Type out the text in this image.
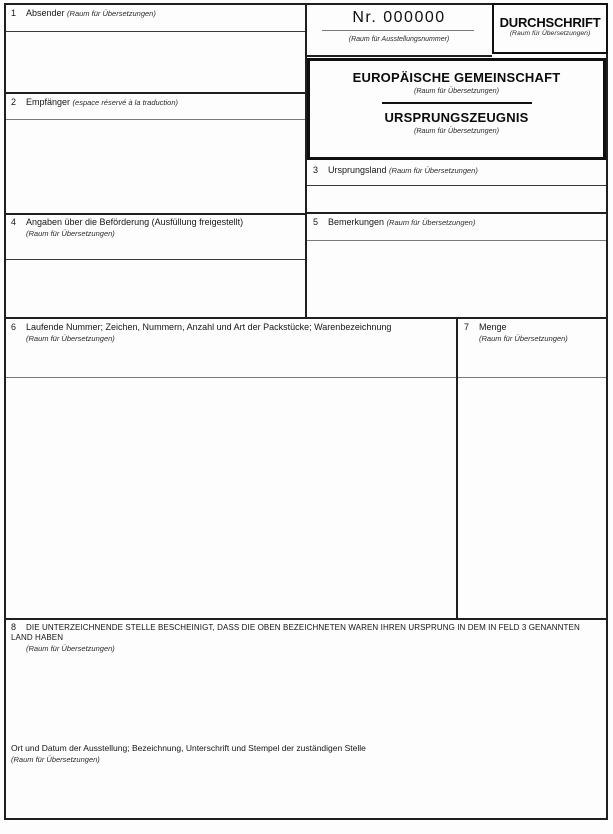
1 Absender (Raum für Übersetzungen)
2 Empfänger (espace réservé à la traduction)
Nr. 000000
(Raum für Ausstellungsnummer)
DURCHSCHRIFT
(Raum für Übersetzungen)
EUROPÄISCHE GEMEINSCHAFT
(Raum für Übersetzungen)
URSPRUNGSZEUGNIS
(Raum für Übersetzungen)
3 Ursprungsland (Raum für Übersetzungen)
4 Angaben über die Beförderung (Ausfüllung freigestellt)
(Raum für Übersetzungen)
5 Bemerkungen (Raum für Übersetzungen)
6 Laufende Nummer; Zeichen, Nummern, Anzahl und Art der Packstücke; Warenbezeichnung
(Raum für Übersetzungen)
7 Menge
(Raum für Übersetzungen)
8 DIE UNTERZEICHNENDE STELLE BESCHEINIGT, DASS DIE OBEN BEZEICHNETEN WAREN IHREN URSPRUNG IN DEM IN FELD 3 GENANNTEN LAND HABEN
(Raum für Übersetzungen)
Ort und Datum der Ausstellung; Bezeichnung, Unterschrift und Stempel der zuständigen Stelle
(Raum für Übersetzungen)
